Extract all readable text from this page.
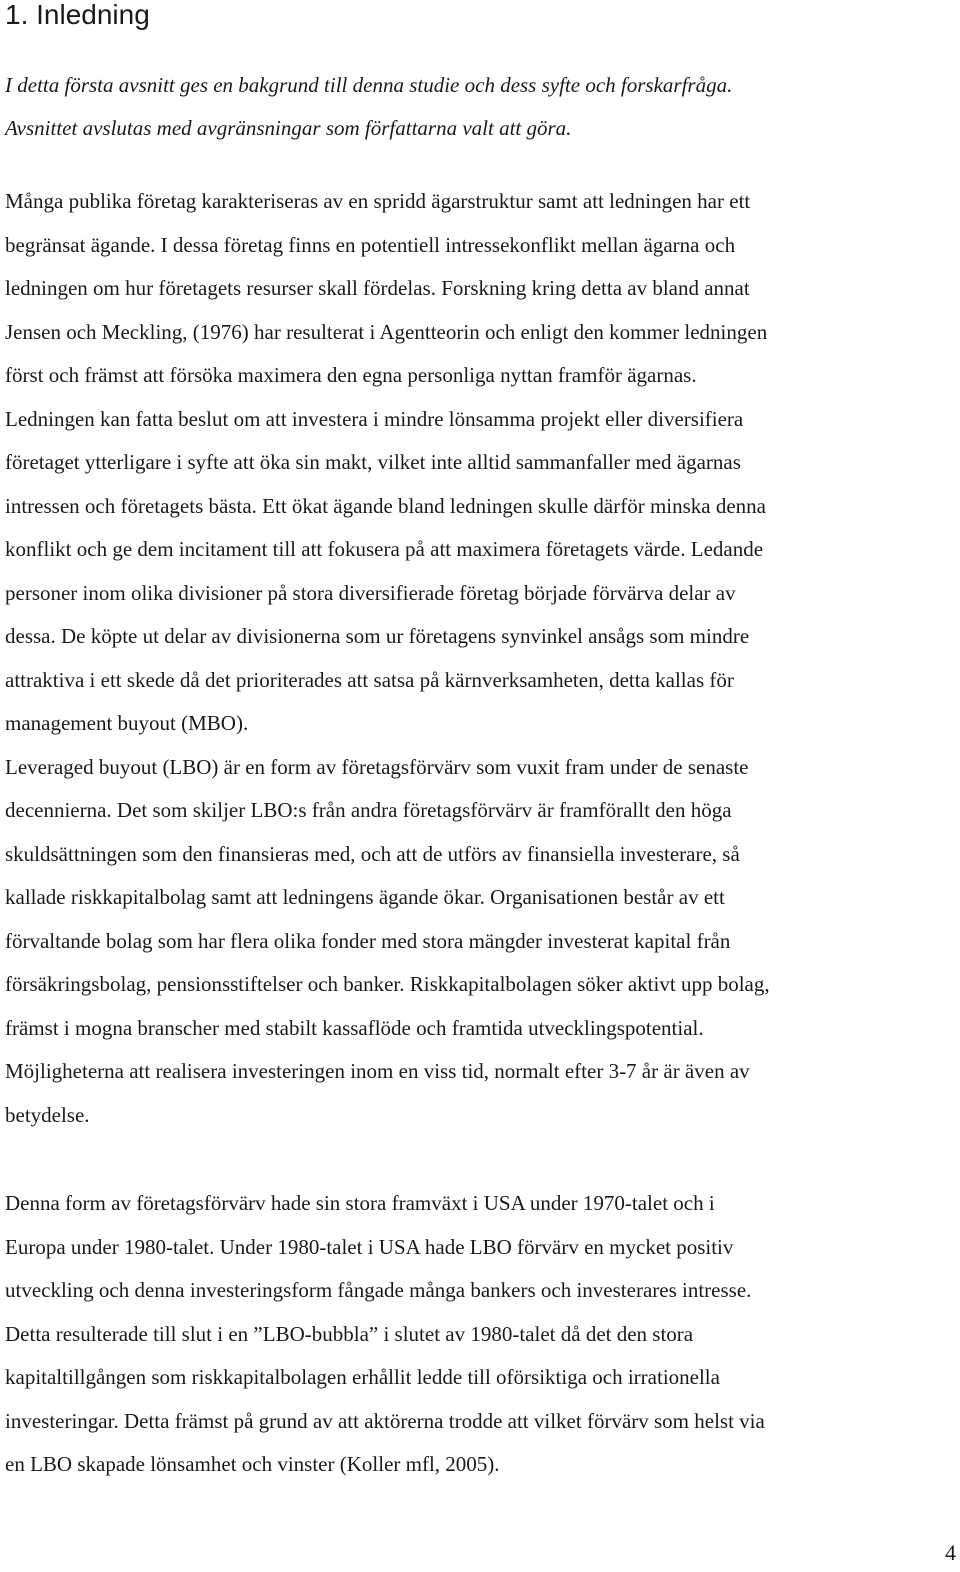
1. Inledning
I detta första avsnitt ges en bakgrund till denna studie och dess syfte och forskarfråga.
Avsnittet avslutas med avgränsningar som författarna valt att göra.
Många publika företag karakteriseras av en spridd ägarstruktur samt att ledningen har ett
begränsat ägande. I dessa företag finns en potentiell intressekonflikt mellan ägarna och
ledningen om hur företagets resurser skall fördelas. Forskning kring detta av bland annat
Jensen och Meckling, (1976) har resulterat i Agentteorin och enligt den kommer ledningen
först och främst att försöka maximera den egna personliga nyttan framför ägarnas.
Ledningen kan fatta beslut om att investera i mindre lönsamma projekt eller diversifiera
företaget ytterligare i syfte att öka sin makt, vilket inte alltid sammanfaller med ägarnas
intressen och företagets bästa. Ett ökat ägande bland ledningen skulle därför minska denna
konflikt och ge dem incitament till att fokusera på att maximera företagets värde. Ledande
personer inom olika divisioner på stora diversifierade företag började förvärva delar av
dessa. De köpte ut delar av divisionerna som ur företagens synvinkel ansågs som mindre
attraktiva i ett skede då det prioriterades att satsa på kärnverksamheten, detta kallas för
management buyout (MBO).
Leveraged buyout (LBO) är en form av företagsförvärv som vuxit fram under de senaste
decennierna. Det som skiljer LBO:s från andra företagsförvärv är framförallt den höga
skuldsättningen som den finansieras med, och att de utförs av finansiella investerare, så
kallade riskkapitalbolag samt att ledningens ägande ökar. Organisationen består av ett
förvaltande bolag som har flera olika fonder med stora mängder investerat kapital från
försäkringsbolag, pensionsstiftelser och banker. Riskkapitalbolagen söker aktivt upp bolag,
främst i mogna branscher med stabilt kassaflöde och framtida utvecklingspotential.
Möjligheterna att realisera investeringen inom en viss tid, normalt efter 3-7 år är även av
betydelse.
Denna form av företagsförvärv hade sin stora framväxt i USA under 1970-talet och i
Europa under 1980-talet. Under 1980-talet i USA hade LBO förvärv en mycket positiv
utveckling och denna investeringsform fångade många bankers och investerares intresse.
Detta resulterade till slut i en ”LBO-bubbla” i slutet av 1980-talet då det den stora
kapitaltillgången som riskkapitalbolagen erhållit ledde till oförsiktiga och irrationella
investeringar. Detta främst på grund av att aktörerna trodde att vilket förvärv som helst via
en LBO skapade lönsamhet och vinster (Koller mfl, 2005).
4
